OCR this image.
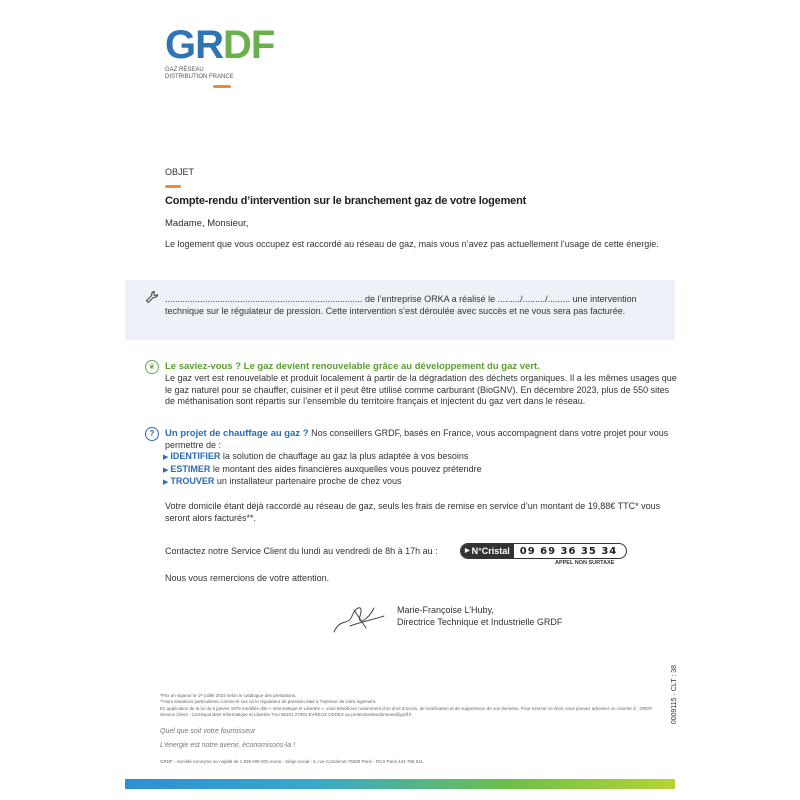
GRDF
GAZ RÉSEAU
DISTRIBUTION FRANCE
OBJET
Compte-rendu d’intervention sur le branchement gaz de votre logement
Madame, Monsieur,
Le logement que vous occupez est raccordé au réseau de gaz, mais vous n’avez pas actuellement l’usage de cette énergie.
............................................................................... de l’entreprise ORKA a réalisé le ........./........./......... une intervention technique sur le régulateur de pression. Cette intervention s’est déroulée avec succès et ne vous sera pas facturée.
❦	Le saviez-vous ? Le gaz devient renouvelable grâce au développement du gaz vert.
Le gaz vert est renouvelable et produit localement à partir de la dégradation des déchets organiques. Il a les mêmes usages que le gaz naturel pour se chauffer, cuisiner et il peut être utilisé comme carburant (BioGNV). En décembre 2023, plus de 550 sites de méthanisation sont répartis sur l’ensemble du territoire français et injectent du gaz vert dans le réseau.
?	Un projet de chauffage au gaz ? Nos conseillers GRDF, basés en France, vous accompagnent dans votre projet pour vous permettre de :
▶ IDENTIFIER la solution de chauffage au gaz la plus adaptée à vos besoins
▶ ESTIMER le montant des aides financières auxquelles vous pouvez prétendre
▶ TROUVER un installateur partenaire proche de chez vous
Votre domicile étant déjà raccordé au réseau de gaz, seuls les frais de remise en service d’un montant de 19,88€ TTC* vous seront alors facturés**.
Contactez notre Service Client du lundi au vendredi de 8h à 17h au :	▶ N°Cristal	09 69 36 35 34
APPEL NON SURTAXE
Nous vous remercions de votre attention.
Marie-Françoise L’Huby,
Directrice Technique et Industrielle GRDF
*Prix en vigueur le 1ᵉʳ juillet 2022 selon le catalogue des prestations.
**Hors situations particulières comme le cas où le régulateur de pression était à l’intérieur de votre logement.
En application de la loi du 6 janvier 1978 modifiée dite « Informatique et Libertés », vous bénéficiez notamment d’un droit d’accès, de rectification et de suppression de vos données. Pour exercer ce droit, vous pouvez adresser un courrier à : GRDF Service Client - Correspondant Informatique et Libertés TSA 85101 27091 EVREUX CEDEX ou protectiondesdonnees@grdf.fr
Quel que soit votre fournisseur
L’énergie est notre avenir, économisons-la !
GRDF - Société Anonyme au capital de 1 839 695 000 euros - Siège social : 6, rue Condorcet 75009 Paris - RCS Paris 444 786 511.
0009115 · CLT : 38
